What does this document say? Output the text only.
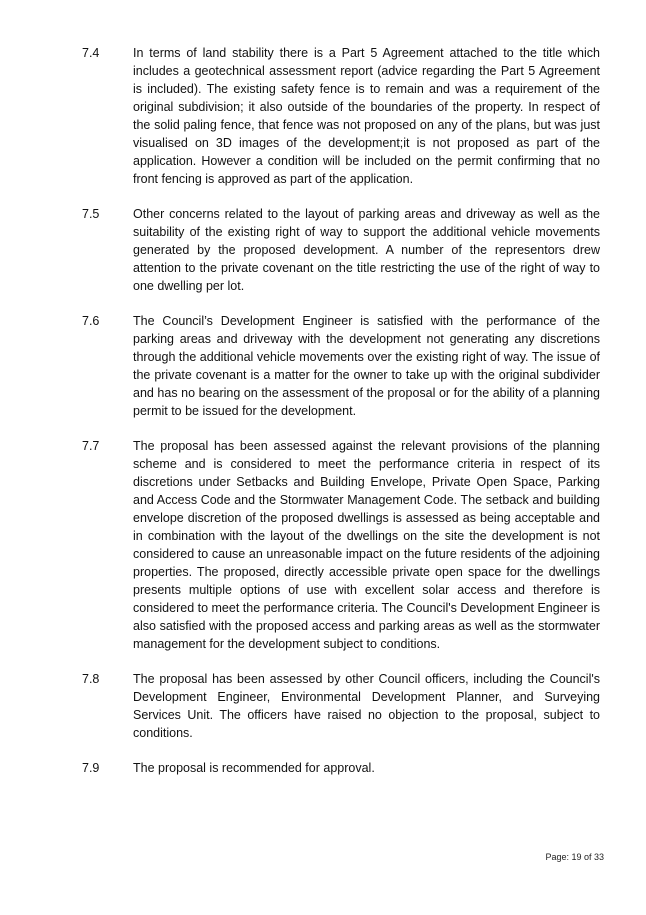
7.4	In terms of land stability there is a Part 5 Agreement attached to the title which includes a geotechnical assessment report (advice regarding the Part 5 Agreement is included). The existing safety fence is to remain and was a requirement of the original subdivision; it also outside of the boundaries of the property. In respect of the solid paling fence, that fence was not proposed on any of the plans, but was just visualised on 3D images of the development;it is not proposed as part of the application. However a condition will be included on the permit confirming that no front fencing is approved as part of the application.
7.5	Other concerns related to the layout of parking areas and driveway as well as the suitability of the existing right of way to support the additional vehicle movements generated by the proposed development. A number of the representors drew attention to the private covenant on the title restricting the use of the right of way to one dwelling per lot.
7.6	The Council’s Development Engineer is satisfied with the performance of the parking areas and driveway with the development not generating any discretions through the additional vehicle movements over the existing right of way. The issue of the private covenant is a matter for the owner to take up with the original subdivider and has no bearing on the assessment of the proposal or for the ability of a planning permit to be issued for the development.
7.7	The proposal has been assessed against the relevant provisions of the planning scheme and is considered to meet the performance criteria in respect of its discretions under Setbacks and Building Envelope, Private Open Space, Parking and Access Code and the Stormwater Management Code. The setback and building envelope discretion of the proposed dwellings is assessed as being acceptable and in combination with the layout of the dwellings on the site the development is not considered to cause an unreasonable impact on the future residents of the adjoining properties. The proposed, directly accessible private open space for the dwellings presents multiple options of use with excellent solar access and therefore is considered to meet the performance criteria. The Council's Development Engineer is also satisfied with the proposed access and parking areas as well as the stormwater management for the development subject to conditions.
7.8	The proposal has been assessed by other Council officers, including the Council's Development Engineer, Environmental Development Planner, and Surveying Services Unit. The officers have raised no objection to the proposal, subject to conditions.
7.9	The proposal is recommended for approval.
Page: 19 of 33
